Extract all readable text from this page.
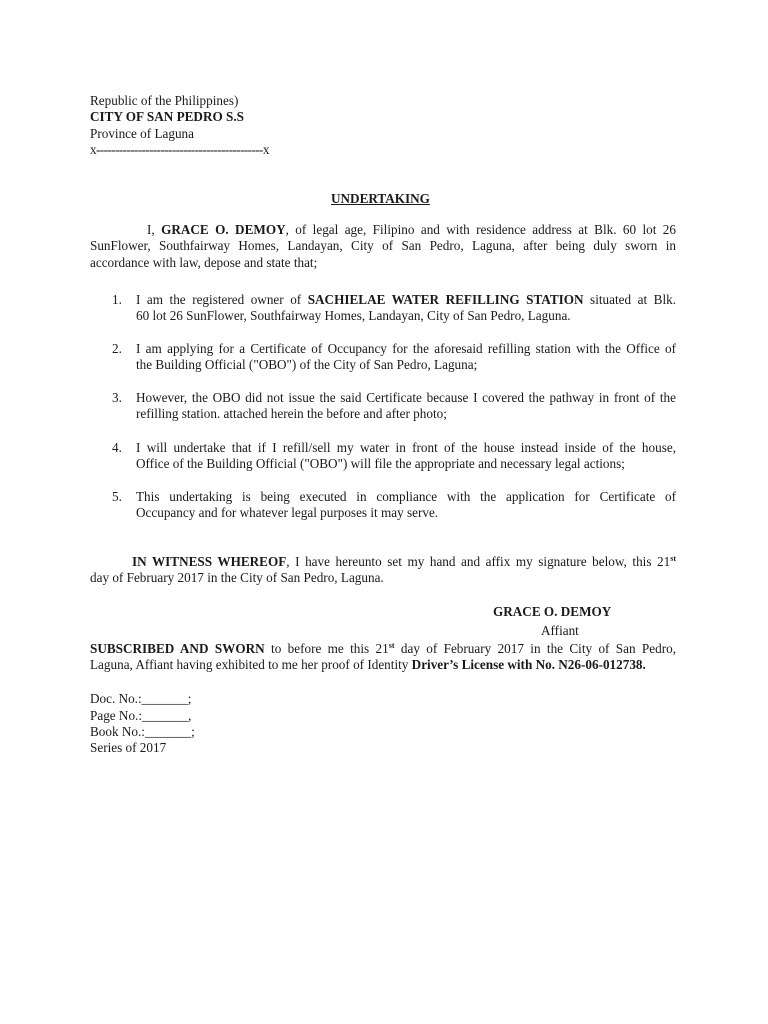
Republic of the Philippines)
CITY OF SAN PEDRO S.S
Province of Laguna
x--------------------------------------------x
UNDERTAKING
I, GRACE O. DEMOY, of legal age, Filipino and with residence address at Blk. 60 lot 26
SunFlower, Southfairway Homes, Landayan, City of San Pedro, Laguna, after being duly sworn in
accordance with law, depose and state that;
1. I am the registered owner of SACHIELAE WATER REFILLING STATION situated at Blk.
60 lot 26 SunFlower, Southfairway Homes, Landayan, City of San Pedro, Laguna.
2. I am applying for a Certificate of Occupancy for the aforesaid refilling station with the Office of
the Building Official ("OBO") of the City of San Pedro, Laguna;
3. However, the OBO did not issue the said Certificate because I covered the pathway in front of the
refilling station. attached herein the before and after photo;
4. I will undertake that if I refill/sell my water in front of the house instead inside of the house,
Office of the Building Official ("OBO") will file the appropriate and necessary legal actions;
5. This undertaking is being executed in compliance with the application for Certificate of
Occupancy and for whatever legal purposes it may serve.
IN WITNESS WHEREOF, I have hereunto set my hand and affix my signature below, this 21st
day of February 2017 in the City of San Pedro, Laguna.
GRACE O. DEMOY
Affiant
SUBSCRIBED AND SWORN to before me this 21st day of February 2017 in the City of San Pedro,
Laguna, Affiant having exhibited to me her proof of Identity Driver’s License with No. N26-06-012738.
Doc. No.:_______;
Page No.:_______,
Book No.:_______;
Series of 2017
